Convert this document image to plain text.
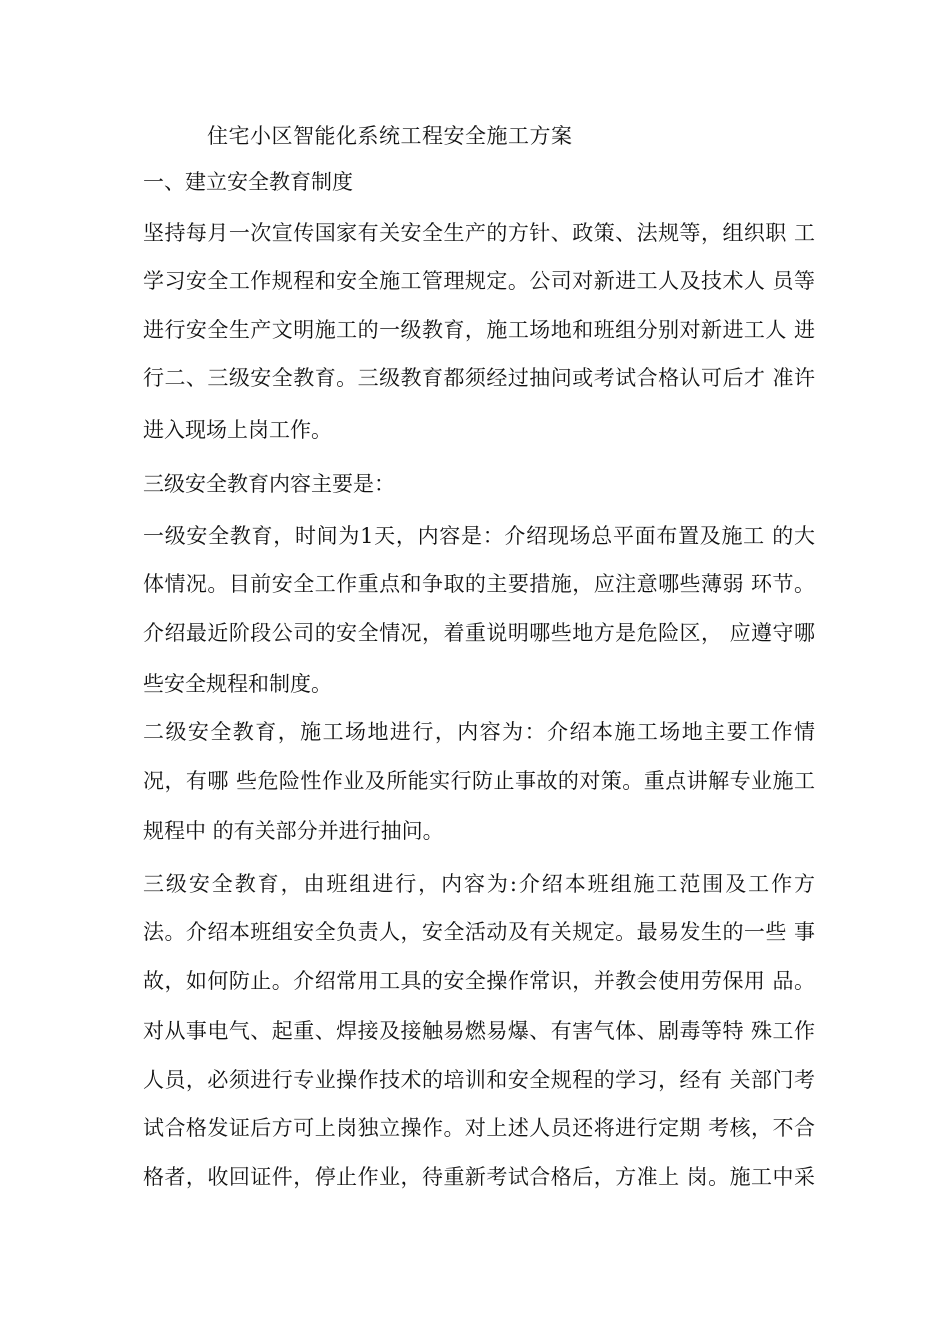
住宅小区智能化系统工程安全施工方案
一、建立安全教育制度
坚持每月一次宣传国家有关安全生产的方针、政策、法规等，组织职 工
学习安全工作规程和安全施工管理规定。公司对新进工人及技术人 员等
进行安全生产文明施工的一级教育，施工场地和班组分别对新进工人 进
行二、三级安全教育。三级教育都须经过抽问或考试合格认可后才 准许
进入现场上岗工作。
三级安全教育内容主要是：
一级安全教育，时间为1天，内容是：介绍现场总平面布置及施工 的大
体情况。目前安全工作重点和争取的主要措施，应注意哪些薄弱 环节。
介绍最近阶段公司的安全情况，着重说明哪些地方是危险区， 应遵守哪
些安全规程和制度。
二级安全教育，施工场地进行，内容为：介绍本施工场地主要工作情
况，有哪 些危险性作业及所能实行防止事故的对策。重点讲解专业施工
规程中 的有关部分并进行抽问。
三级安全教育，由班组进行，内容为:介绍本班组施工范围及工作方
法。介绍本班组安全负责人，安全活动及有关规定。最易发生的一些 事
故，如何防止。介绍常用工具的安全操作常识，并教会使用劳保用 品。
对从事电气、起重、焊接及接触易燃易爆、有害气体、剧毒等特 殊工作
人员，必须进行专业操作技术的培训和安全规程的学习，经有 关部门考
试合格发证后方可上岗独立操作。对上述人员还将进行定期 考核，不合
格者，收回证件，停止作业，待重新考试合格后，方准上 岗。施工中采
